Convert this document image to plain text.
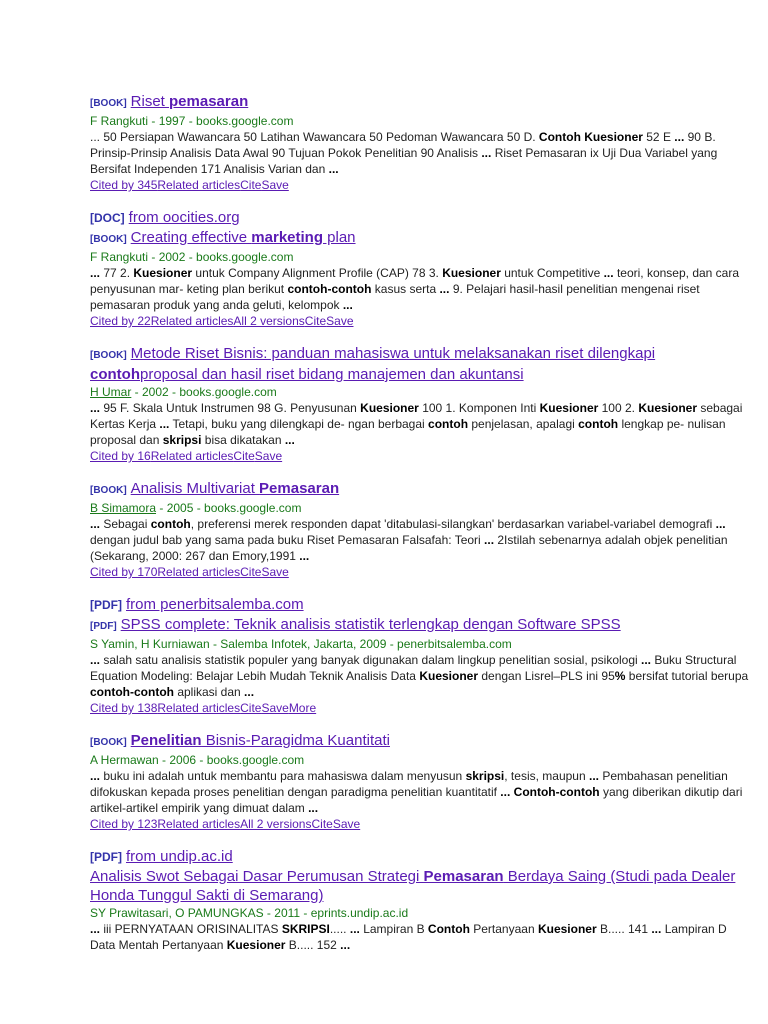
[BOOK] Riset pemasaran
F Rangkuti - 1997 - books.google.com
... 50 Persiapan Wawancara 50 Latihan Wawancara 50 Pedoman Wawancara 50 D. Contoh Kuesioner 52 E ... 90 B. Prinsip-Prinsip Analisis Data Awal 90 Tujuan Pokok Penelitian 90 Analisis ... Riset Pemasaran ix Uji Dua Variabel yang Bersifat Independen 171 Analisis Varian dan ...
Cited by 345Related articlesCiteSave
[DOC] from oocities.org
[BOOK] Creating effective marketing plan
F Rangkuti - 2002 - books.google.com
... 77 2. Kuesioner untuk Company Alignment Profile (CAP) 78 3. Kuesioner untuk Competitive ... teori, konsep, dan cara penyusunan mar- keting plan berikut contoh-contoh kasus serta ... 9. Pelajari hasil-hasil penelitian mengenai riset pemasaran produk yang anda geluti, kelompok ...
Cited by 22Related articlesAll 2 versionsCiteSave
[BOOK] Metode Riset Bisnis: panduan mahasiswa untuk melaksanakan riset dilengkapi contohproposal dan hasil riset bidang manajemen dan akuntansi
H Umar - 2002 - books.google.com
... 95 F. Skala Untuk Instrumen 98 G. Penyusunan Kuesioner 100 1. Komponen Inti Kuesioner 100 2. Kuesioner sebagai Kertas Kerja ... Tetapi, buku yang dilengkapi de- ngan berbagai contoh penjelasan, apalagi contoh lengkap pe- nulisan proposal dan skripsi bisa dikatakan ...
Cited by 16Related articlesCiteSave
[BOOK] Analisis Multivariat Pemasaran
B Simamora - 2005 - books.google.com
... Sebagai contoh, preferensi merek responden dapat 'ditabulasi-silangkan' berdasarkan variabel-variabel demografi ... dengan judul bab yang sama pada buku Riset Pemasaran Falsafah: Teori ... 2Istilah sebenarnya adalah objek penelitian (Sekarang, 2000: 267 dan Emory,1991 ...
Cited by 170Related articlesCiteSave
[PDF] from penerbitsalemba.com
[PDF] SPSS complete: Teknik analisis statistik terlengkap dengan Software SPSS
S Yamin, H Kurniawan - Salemba Infotek, Jakarta, 2009 - penerbitsalemba.com
... salah satu analisis statistik populer yang banyak digunakan dalam lingkup penelitian sosial, psikologi ... Buku Structural Equation Modeling: Belajar Lebih Mudah Teknik Analisis Data Kuesioner dengan Lisrel–PLS ini 95% bersifat tutorial berupa contoh-contoh aplikasi dan ...
Cited by 138Related articlesCiteSaveMore
[BOOK] Penelitian Bisnis-Paragidma Kuantitati
A Hermawan - 2006 - books.google.com
... buku ini adalah untuk membantu para mahasiswa dalam menyusun skripsi, tesis, maupun ... Pembahasan penelitian difokuskan kepada proses penelitian dengan paradigma penelitian kuantitatif ... Contoh-contoh yang diberikan dikutip dari artikel-artikel empirik yang dimuat dalam ...
Cited by 123Related articlesAll 2 versionsCiteSave
[PDF] from undip.ac.id
Analisis Swot Sebagai Dasar Perumusan Strategi Pemasaran Berdaya Saing (Studi pada Dealer Honda Tunggul Sakti di Semarang)
SY Prawitasari, O PAMUNGKAS - 2011 - eprints.undip.ac.id
... iii PERNYATAAN ORISINALITAS SKRIPSI..... ... Lampiran B Contoh Pertanyaan Kuesioner B..... 141 ... Lampiran D Data Mentah Pertanyaan Kuesioner B..... 152 ...
